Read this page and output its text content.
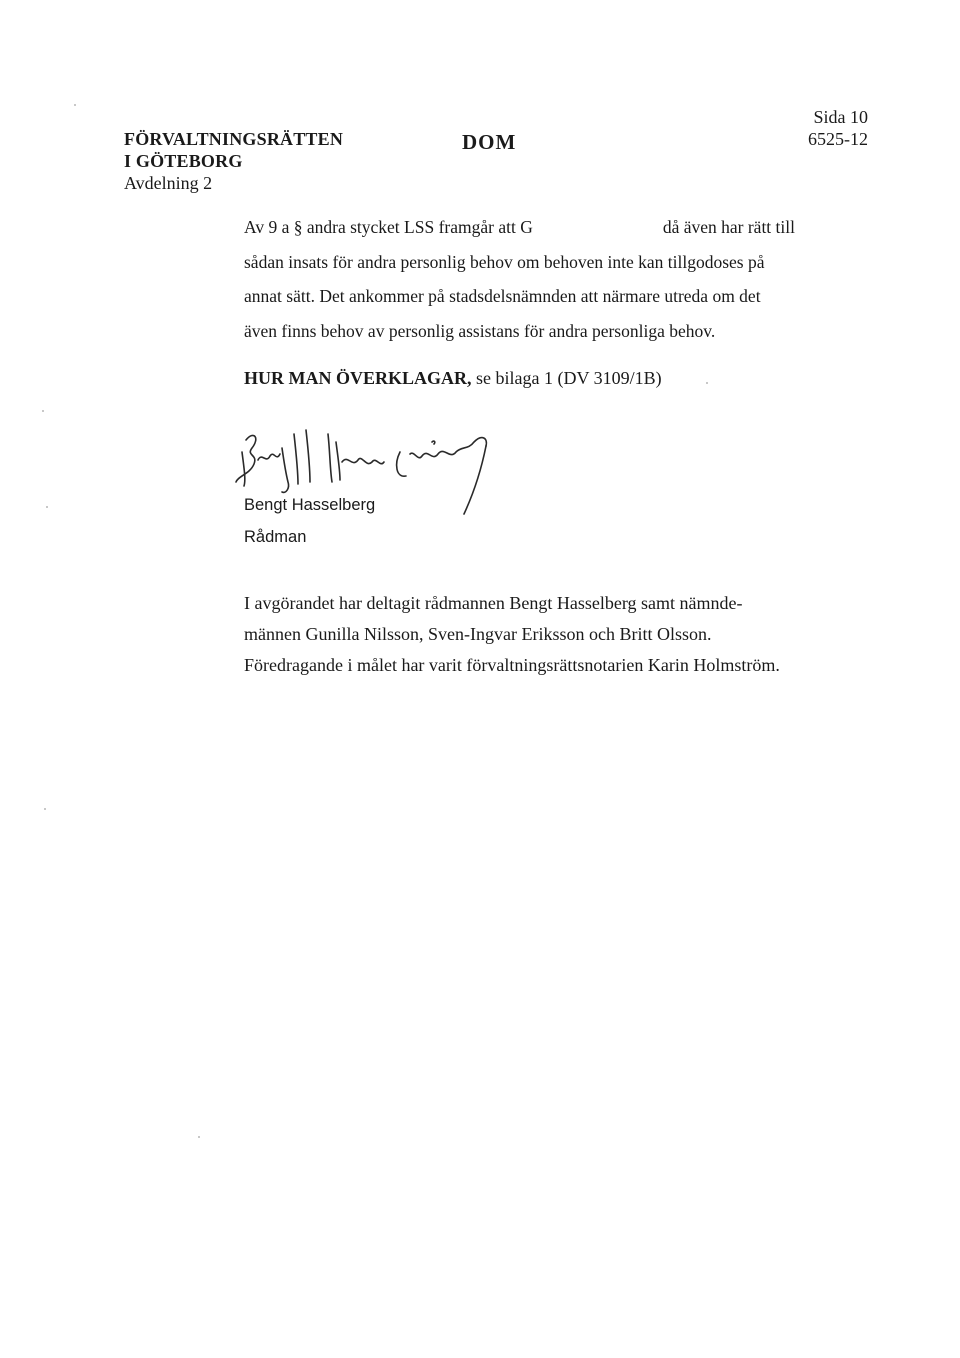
FÖRVALTNINGSRÄTTEN
I GÖTEBORG
Avdelning 2
DOM
Sida 10
6525-12
Av 9 a § andra stycket LSS framgår att G	då även har rätt till
sådan insats för andra personlig behov om behoven inte kan tillgodoses på
annat sätt. Det ankommer på stadsdelsnämnden att närmare utreda om det
även finns behov av personlig assistans för andra personliga behov.
HUR MAN ÖVERKLAGAR, se bilaga 1 (DV 3109/1B)
Bengt Hasselberg
Rådman
I avgörandet har deltagit rådmannen Bengt Hasselberg samt nämnde-
männen Gunilla Nilsson, Sven-Ingvar Eriksson och Britt Olsson.
Föredragande i målet har varit förvaltningsrättsnotarien Karin Holmström.
